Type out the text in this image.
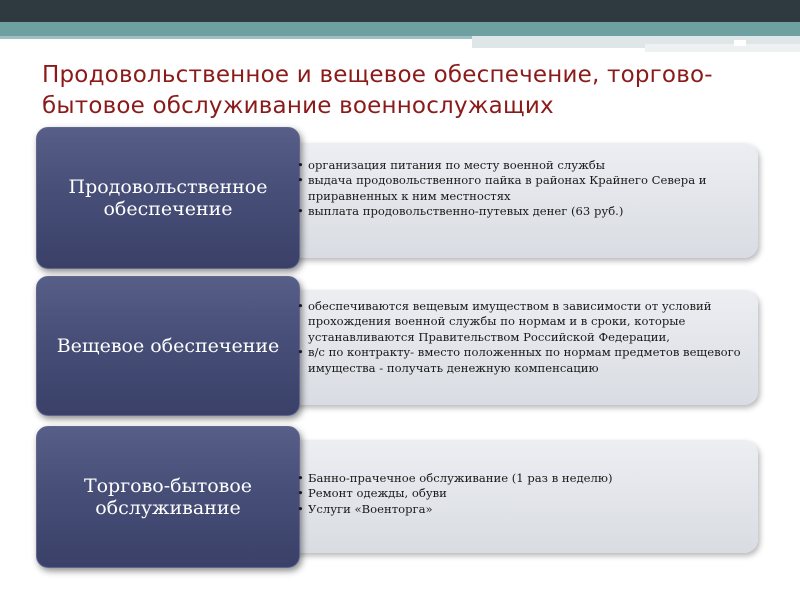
Продовольственное и вещевое обеспечение, торгово-бытовое обслуживание военнослужащих
Продовольственное обеспечение
• организация питания по месту военной службы
• выдача продовольственного пайка в районах Крайнего Севера и приравненных к ним местностях
• выплата продовольственно-путевых денег (63 руб.)
Вещевое обеспечение
• обеспечиваются вещевым имуществом в зависимости от условий прохождения военной службы по нормам и в сроки, которые устанавливаются Правительством Российской Федерации,
• в/с по контракту- вместо положенных по нормам предметов вещевого имущества - получать денежную компенсацию
Торгово-бытовое обслуживание
• Банно-прачечное обслуживание (1 раз в неделю)
• Ремонт одежды, обуви
• Услуги «Военторга»
